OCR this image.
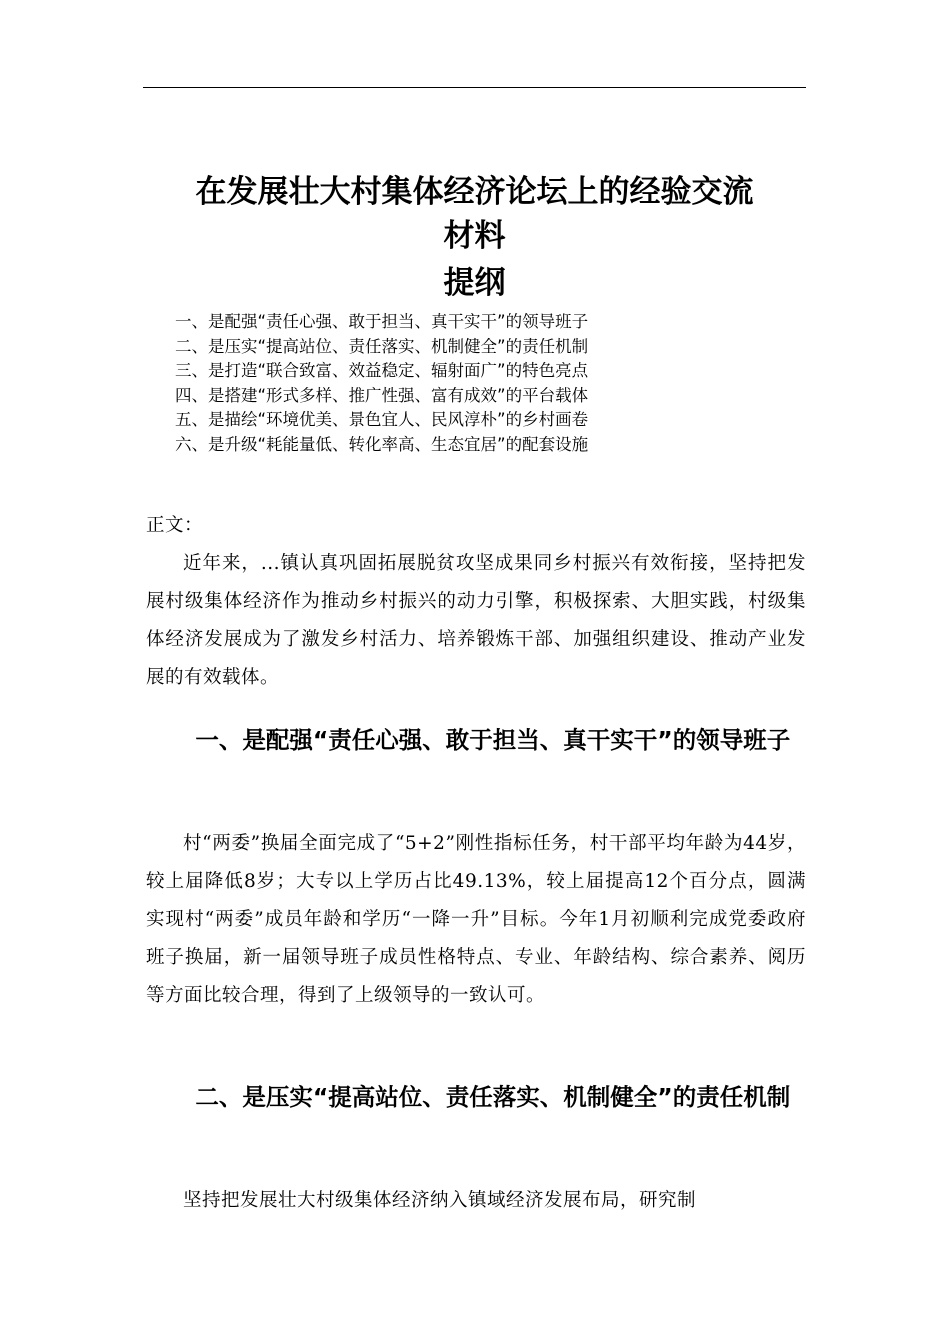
在发展壮大村集体经济论坛上的经验交流
材料
提纲
一、是配强“责任心强、敢于担当、真干实干”的领导班子
二、是压实“提高站位、责任落实、机制健全”的责任机制
三、是打造“联合致富、效益稳定、辐射面广”的特色亮点
四、是搭建“形式多样、推广性强、富有成效”的平台载体
五、是描绘“环境优美、景色宜人、民风淳朴”的乡村画卷
六、是升级“耗能量低、转化率高、生态宜居”的配套设施

正文：

近年来，...镇认真巩固拓展脱贫攻坚成果同乡村振兴有效衔接，坚持把发展村级集体经济作为推动乡村振兴的动力引擎，积极探索、大胆实践，村级集体经济发展成为了激发乡村活力、培养锻炼干部、加强组织建设、推动产业发展的有效载体。

一、是配强“责任心强、敢于担当、真干实干”的领导班子

村“两委”换届全面完成了“5+2”刚性指标任务，村干部平均年龄为44岁，较上届降低8岁；大专以上学历占比49.13%，较上届提高12个百分点，圆满实现村“两委”成员年龄和学历“一降一升”目标。今年1月初顺利完成党委政府班子换届，新一届领导班子成员性格特点、专业、年龄结构、综合素养、阅历等方面比较合理，得到了上级领导的一致认可。

二、是压实“提高站位、责任落实、机制健全”的责任机制

坚持把发展壮大村级集体经济纳入镇域经济发展布局，研究制
